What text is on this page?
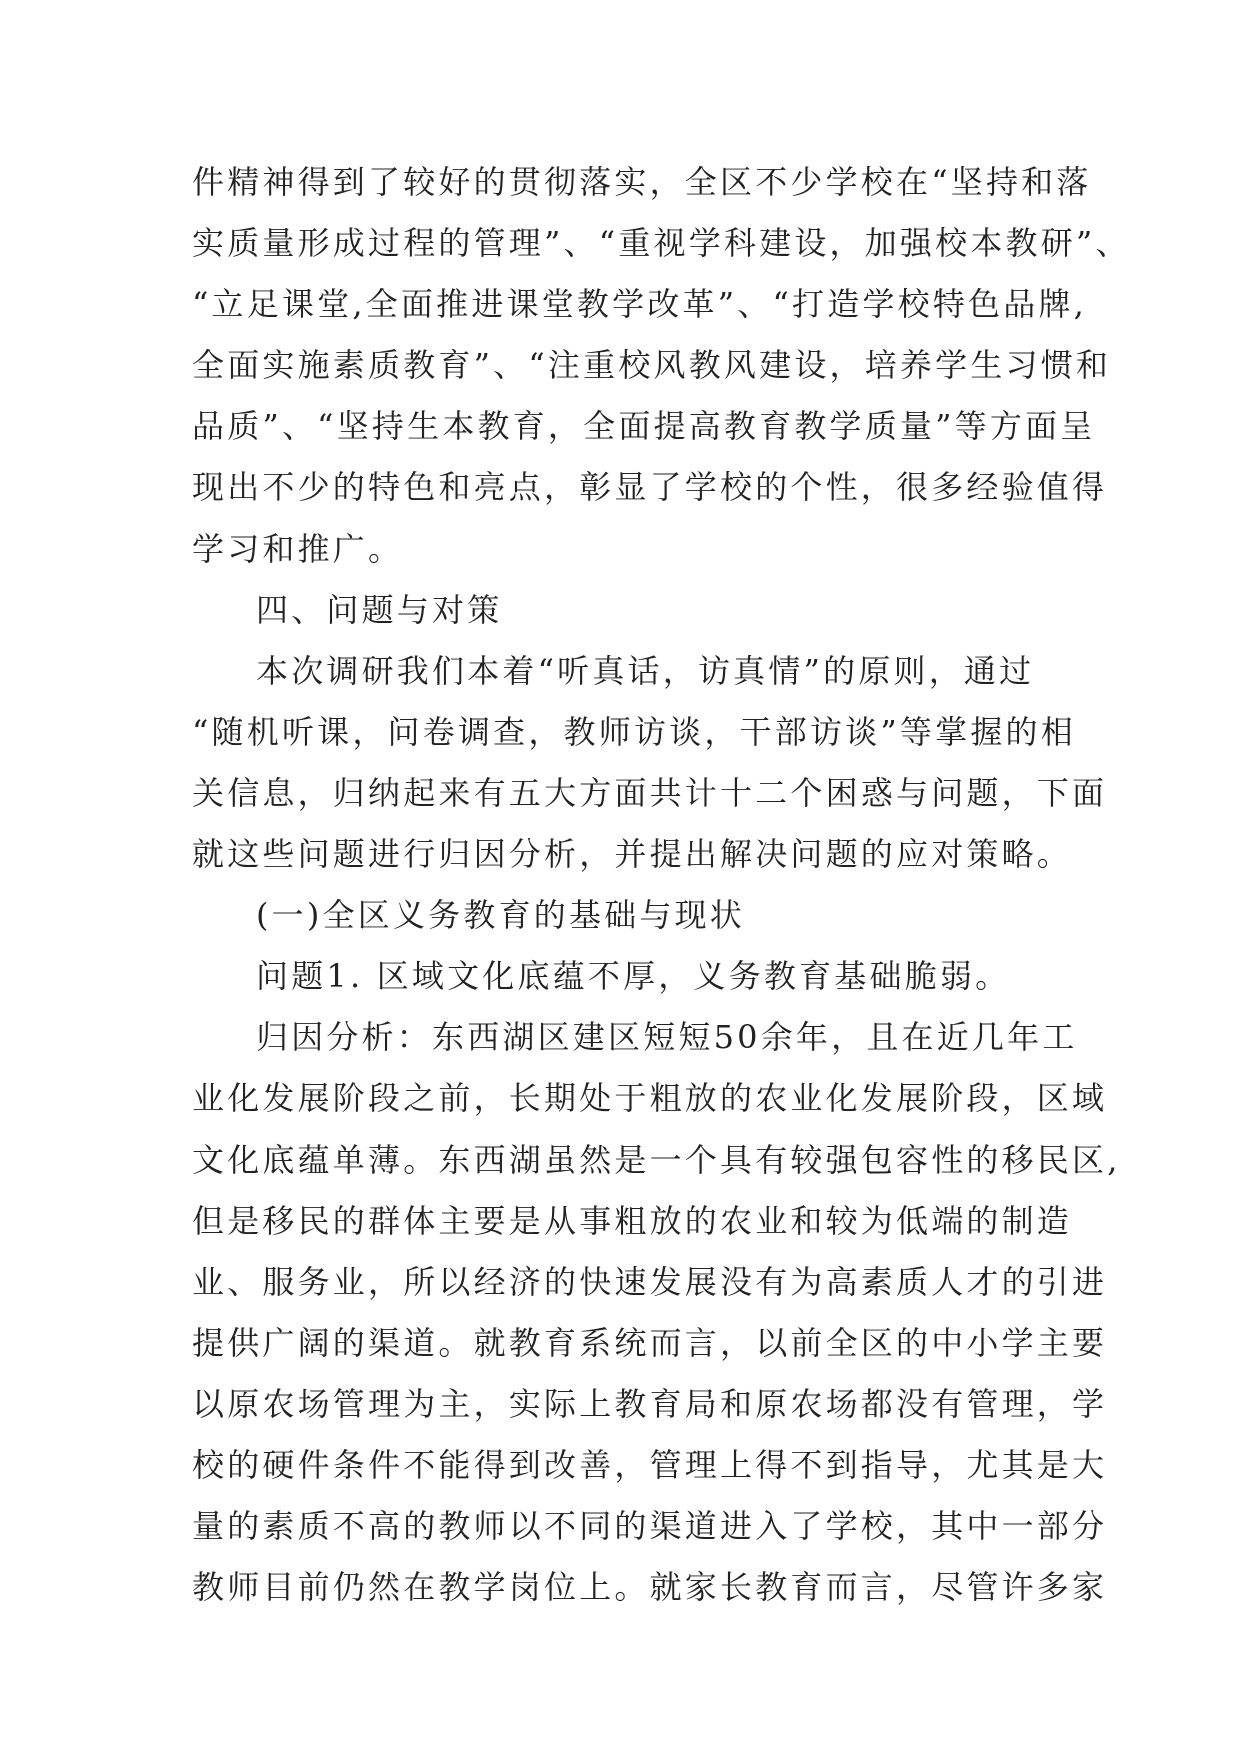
件精神得到了较好的贯彻落实，全区不少学校在“坚持和落
实质量形成过程的管理”、“重视学科建设，加强校本教研”、
“立足课堂,全面推进课堂教学改革”、“打造学校特色品牌,
全面实施素质教育”、“注重校风教风建设，培养学生习惯和
品质”、“坚持生本教育，全面提高教育教学质量”等方面呈
现出不少的特色和亮点，彰显了学校的个性，很多经验值得
学习和推广。
四、问题与对策
本次调研我们本着“听真话，访真情”的原则，通过
“随机听课，问卷调查，教师访谈，干部访谈”等掌握的相
关信息，归纳起来有五大方面共计十二个困惑与问题，下面
就这些问题进行归因分析，并提出解决问题的应对策略。
(一)全区义务教育的基础与现状
问题1. 区域文化底蕴不厚，义务教育基础脆弱。
归因分析：东西湖区建区短短50余年，且在近几年工
业化发展阶段之前，长期处于粗放的农业化发展阶段，区域
文化底蕴单薄。东西湖虽然是一个具有较强包容性的移民区,
但是移民的群体主要是从事粗放的农业和较为低端的制造
业、服务业，所以经济的快速发展没有为高素质人才的引进
提供广阔的渠道。就教育系统而言，以前全区的中小学主要
以原农场管理为主，实际上教育局和原农场都没有管理，学
校的硬件条件不能得到改善，管理上得不到指导，尤其是大
量的素质不高的教师以不同的渠道进入了学校，其中一部分
教师目前仍然在教学岗位上。就家长教育而言，尽管许多家
